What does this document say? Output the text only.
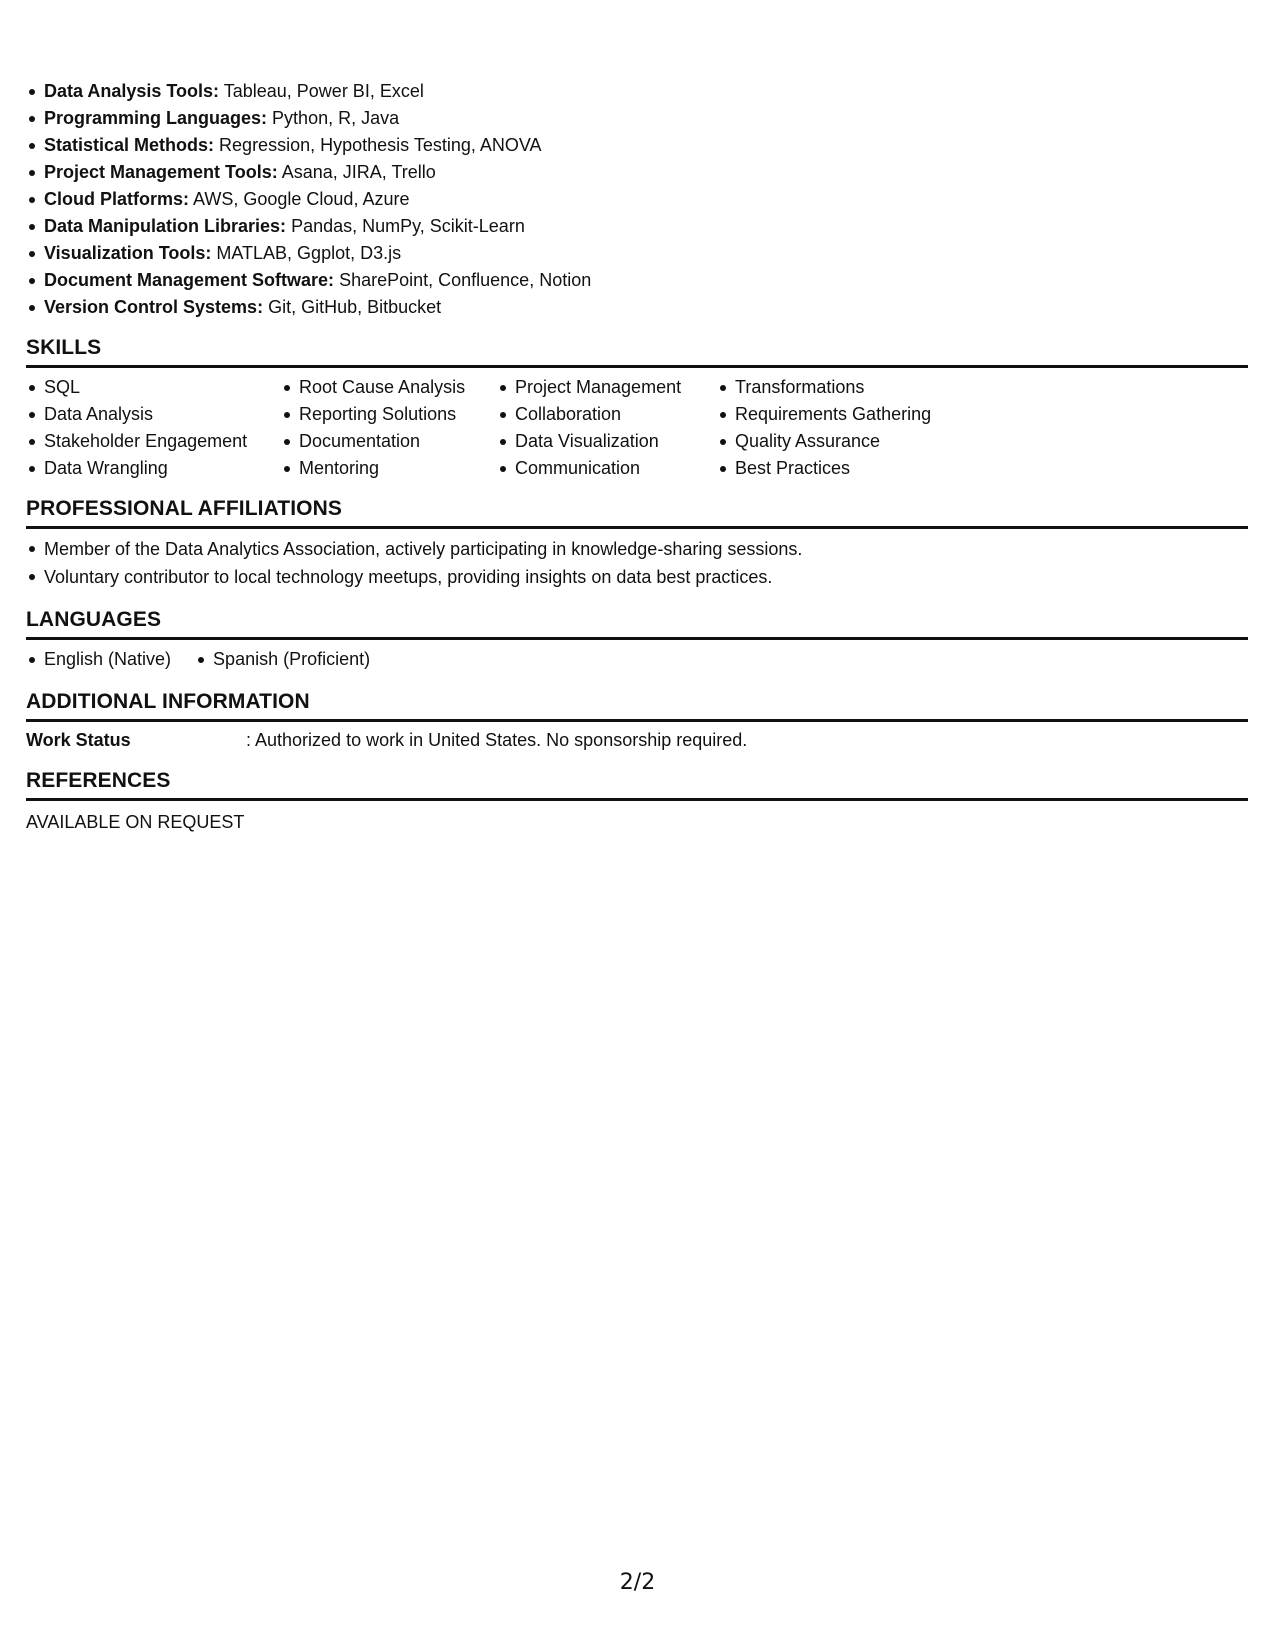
Data Analysis Tools: Tableau, Power BI, Excel
Programming Languages: Python, R, Java
Statistical Methods: Regression, Hypothesis Testing, ANOVA
Project Management Tools: Asana, JIRA, Trello
Cloud Platforms: AWS, Google Cloud, Azure
Data Manipulation Libraries: Pandas, NumPy, Scikit-Learn
Visualization Tools: MATLAB, Ggplot, D3.js
Document Management Software: SharePoint, Confluence, Notion
Version Control Systems: Git, GitHub, Bitbucket
SKILLS
SQL
Data Analysis
Stakeholder Engagement
Data Wrangling
Root Cause Analysis
Reporting Solutions
Documentation
Mentoring
Project Management
Collaboration
Data Visualization
Communication
Transformations
Requirements Gathering
Quality Assurance
Best Practices
PROFESSIONAL AFFILIATIONS
Member of the Data Analytics Association, actively participating in knowledge-sharing sessions.
Voluntary contributor to local technology meetups, providing insights on data best practices.
LANGUAGES
English (Native)	Spanish (Proficient)
ADDITIONAL INFORMATION
Work Status	: Authorized to work in United States. No sponsorship required.
REFERENCES
AVAILABLE ON REQUEST
2/2
